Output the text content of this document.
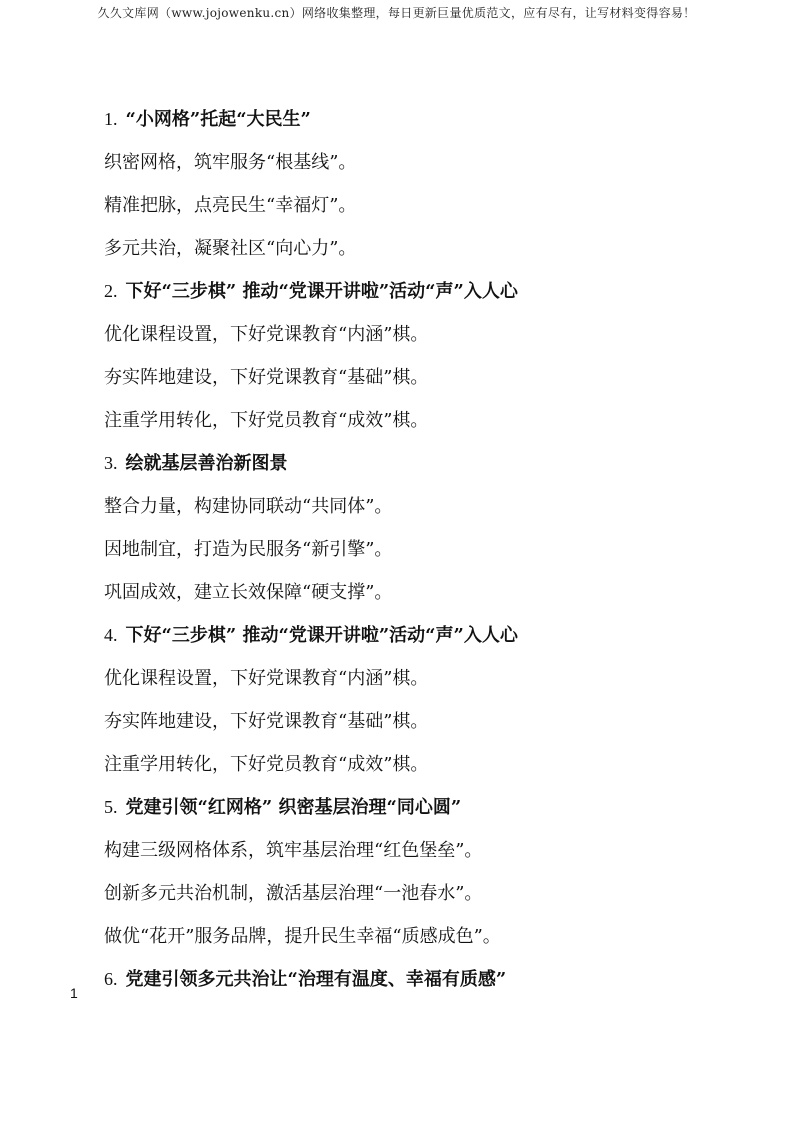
久久文库网（www.jojowenku.cn）网络收集整理，每日更新巨量优质范文，应有尽有，让写材料变得容易！
1. “小网格”托起“大民生”
织密网格，筑牢服务“根基线”。
精准把脉，点亮民生“幸福灯”。
多元共治，凝聚社区“向心力”。
2. 下好“三步棋” 推动“党课开讲啦”活动“声”入人心
优化课程设置，下好党课教育“内涵”棋。
夯实阵地建设，下好党课教育“基础”棋。
注重学用转化，下好党员教育“成效”棋。
3. 绘就基层善治新图景
整合力量，构建协同联动“共同体”。
因地制宜，打造为民服务“新引擎”。
巩固成效，建立长效保障“硬支撑”。
4. 下好“三步棋” 推动“党课开讲啦”活动“声”入人心
优化课程设置，下好党课教育“内涵”棋。
夯实阵地建设，下好党课教育“基础”棋。
注重学用转化，下好党员教育“成效”棋。
5. 党建引领“红网格” 织密基层治理“同心圆”
构建三级网格体系，筑牢基层治理“红色堡垒”。
创新多元共治机制，激活基层治理“一池春水”。
做优“花开”服务品牌，提升民生幸福“质感成色”。
6. 党建引领多元共治让“治理有温度、幸福有质感”
1
